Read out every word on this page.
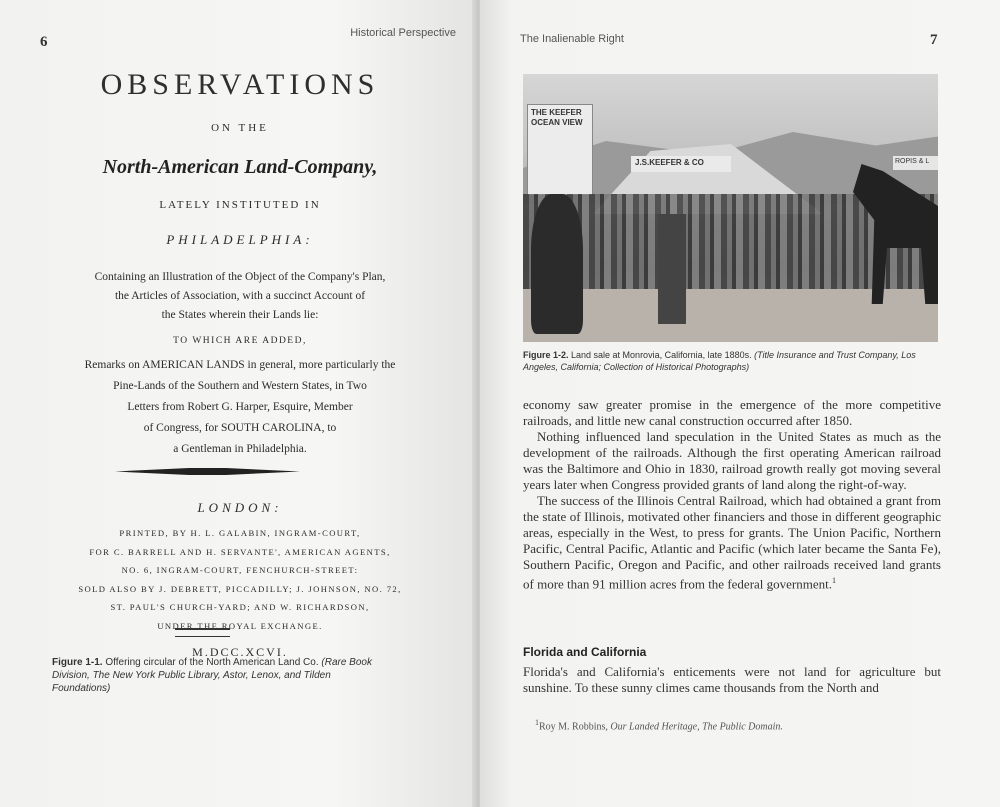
6
Historical Perspective
OBSERVATIONS
ON THE
North-American Land-Company,
LATELY INSTITUTED IN
PHILADELPHIA:
Containing an Illustration of the Object of the Company's Plan,
the Articles of Association, with a succinct Account of
the States wherein their Lands lie:
TO WHICH ARE ADDED,
Remarks on AMERICAN LANDS in general, more particularly the
Pine-Lands of the Southern and Western States, in Two
Letters from Robert G. Harper, Esquire, Member
of Congress, for SOUTH CAROLINA, to
a Gentleman in Philadelphia.
LONDON:
PRINTED, BY H. L. GALABIN, INGRAM-COURT,
FOR C. BARRELL AND H. SERVANTE', AMERICAN AGENTS,
NO. 6, INGRAM-COURT, FENCHURCH-STREET:
SOLD ALSO BY J. DEBRETT, PICCADILLY; J. JOHNSON, NO. 72,
ST. PAUL'S CHURCH-YARD; AND W. RICHARDSON,
UNDER THE ROYAL EXCHANGE.
M.DCC.XCVI.
Figure 1-1. Offering circular of the North American Land Co. (Rare Book Division, The New York Public Library, Astor, Lenox, and Tilden Foundations)
The Inalienable Right	7
THE KEEFER OCEAN VIEW
J.S.KEEFER & CO	ROPIS & L
Figure 1-2. Land sale at Monrovia, California, late 1880s. (Title Insurance and Trust Company, Los Angeles, California; Collection of Historical Photographs)

economy saw greater promise in the emergence of the more competitive railroads, and little new canal construction occurred after 1850.

Nothing influenced land speculation in the United States as much as the development of the railroads. Although the first operating American railroad was the Baltimore and Ohio in 1830, railroad growth really got moving several years later when Congress provided grants of land along the right-of-way.

The success of the Illinois Central Railroad, which had obtained a grant from the state of Illinois, motivated other financiers and those in different geographic areas, especially in the West, to press for grants. The Union Pacific, Northern Pacific, Central Pacific, Atlantic and Pacific (which later became the Santa Fe), Southern Pacific, Oregon and Pacific, and other railroads received land grants of more than 91 million acres from the federal government.$^1$

Florida and California
Florida's and California's enticements were not land for agriculture but sunshine. To these sunny climes came thousands from the North and
$^1$Roy M. Robbins, Our Landed Heritage, The Public Domain.
